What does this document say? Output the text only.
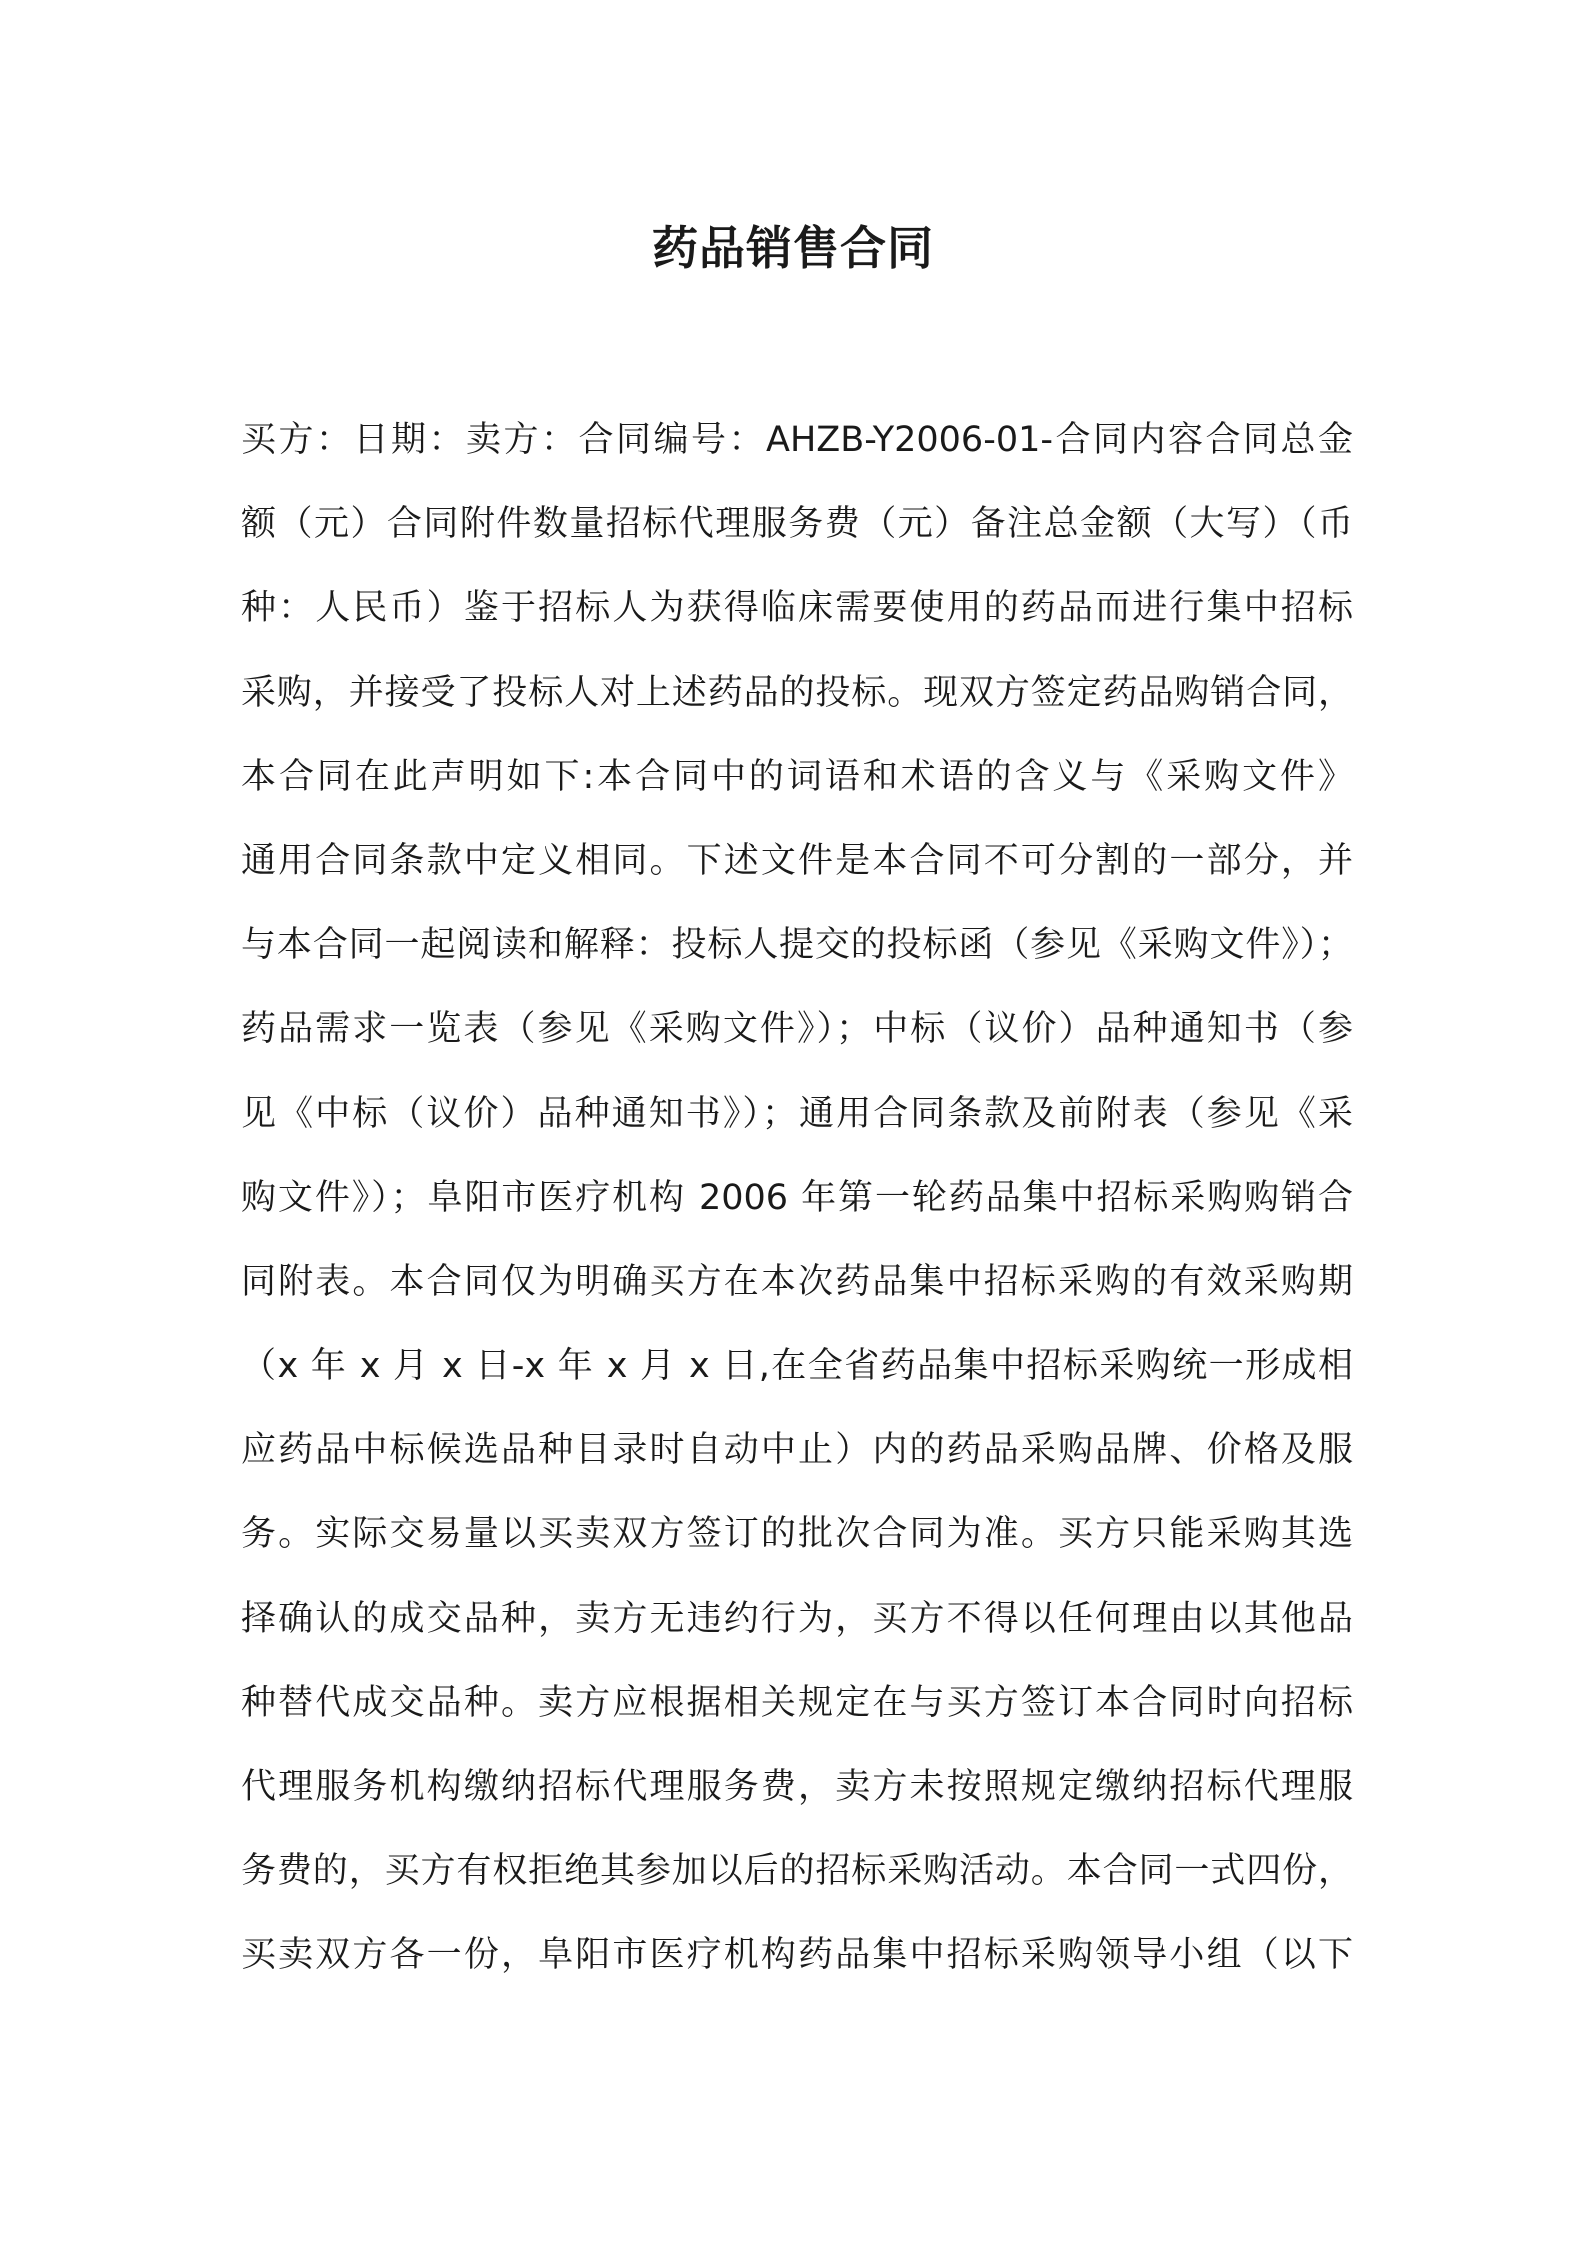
药品销售合同
买方：日期：卖方：合同编号：AHZB-Y2006-01-合同内容合同总金
额（元）合同附件数量招标代理服务费（元）备注总金额（大写）（币
种：人民币）鉴于招标人为获得临床需要使用的药品而进行集中招标
采购，并接受了投标人对上述药品的投标。现双方签定药品购销合同，
本合同在此声明如下:本合同中的词语和术语的含义与《采购文件》
通用合同条款中定义相同。下述文件是本合同不可分割的一部分，并
与本合同一起阅读和解释：投标人提交的投标函（参见《采购文件》）；
药品需求一览表（参见《采购文件》）；中标（议价）品种通知书（参
见《中标（议价）品种通知书》）；通用合同条款及前附表（参见《采
购文件》）；阜阳市医疗机构 2006 年第一轮药品集中招标采购购销合
同附表。本合同仅为明确买方在本次药品集中招标采购的有效采购期
（x 年 x 月 x 日-x 年 x 月 x 日,在全省药品集中招标采购统一形成相
应药品中标候选品种目录时自动中止）内的药品采购品牌、价格及服
务。实际交易量以买卖双方签订的批次合同为准。买方只能采购其选
择确认的成交品种，卖方无违约行为，买方不得以任何理由以其他品
种替代成交品种。卖方应根据相关规定在与买方签订本合同时向招标
代理服务机构缴纳招标代理服务费，卖方未按照规定缴纳招标代理服
务费的，买方有权拒绝其参加以后的招标采购活动。本合同一式四份，
买卖双方各一份，阜阳市医疗机构药品集中招标采购领导小组（以下
